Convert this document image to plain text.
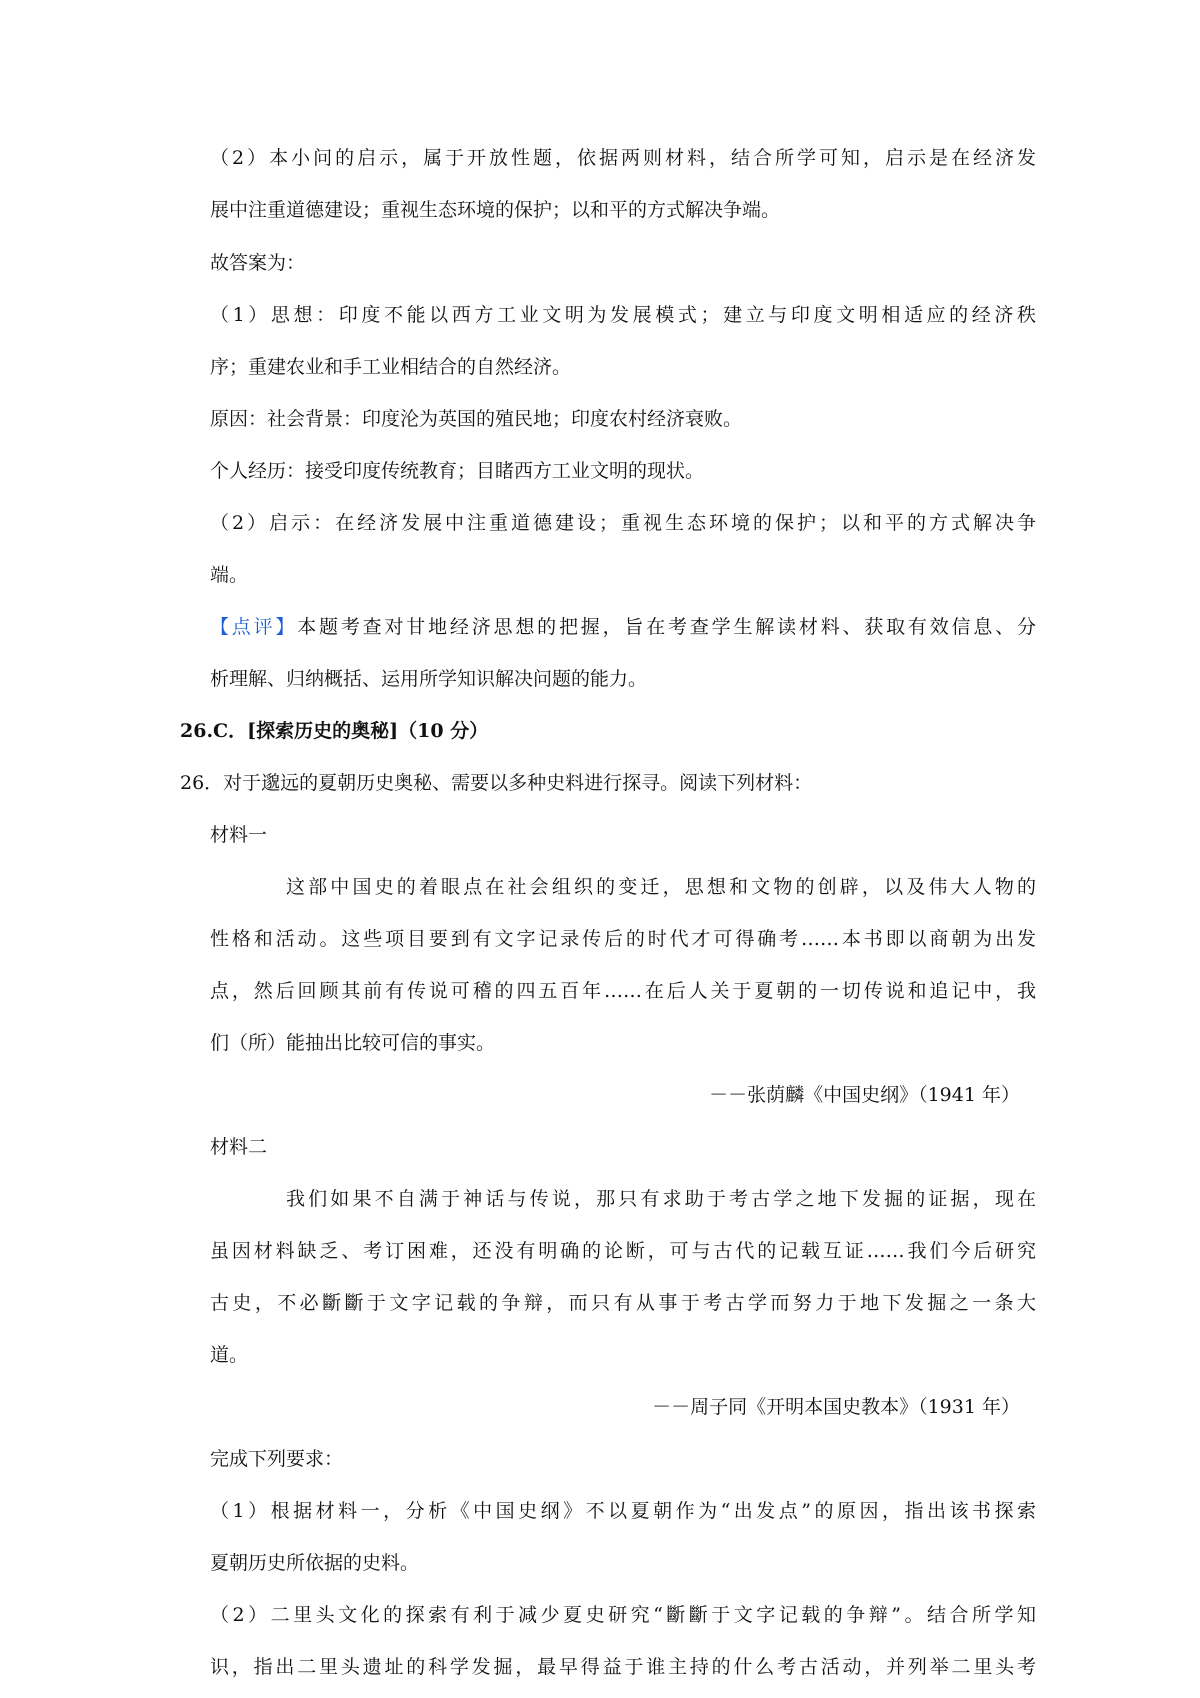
（2）本小问的启示，属于开放性题，依据两则材料，结合所学可知，启示是在经济发
展中注重道德建设；重视生态环境的保护；以和平的方式解决争端。
故答案为：
（1）思想：印度不能以西方工业文明为发展模式；建立与印度文明相适应的经济秩
序；重建农业和手工业相结合的自然经济。
原因：社会背景：印度沦为英国的殖民地；印度农村经济衰败。
个人经历：接受印度传统教育；目睹西方工业文明的现状。
（2）启示：在经济发展中注重道德建设；重视生态环境的保护；以和平的方式解决争
端。
【点评】本题考查对甘地经济思想的把握，旨在考查学生解读材料、获取有效信息、分
析理解、归纳概括、运用所学知识解决问题的能力。
26.C．[探索历史的奥秘]（10 分）
26．对于邈远的夏朝历史奥秘、需要以多种史料进行探寻。阅读下列材料：
材料一
这部中国史的着眼点在社会组织的变迁，思想和文物的创辟，以及伟大人物的
性格和活动。这些项目要到有文字记录传后的时代才可得确考……本书即以商朝为出发
点，然后回顾其前有传说可稽的四五百年……在后人关于夏朝的一切传说和追记中，我
们（所）能抽出比较可信的事实。
－－张荫麟《中国史纲》（1941 年）
材料二
我们如果不自满于神话与传说，那只有求助于考古学之地下发掘的证据，现在
虽因材料缺乏、考订困难，还没有明确的论断，可与古代的记载互证……我们今后研究
古史，不必斷斷于文字记载的争辩，而只有从事于考古学而努力于地下发掘之一条大
道。
－－周子同《开明本国史教本》（1931 年）
完成下列要求：
（1）根据材料一，分析《中国史纲》不以夏朝作为“出发点”的原因，指出该书探索
夏朝历史所依据的史料。
（2）二里头文化的探索有利于减少夏史研究“斷斷于文字记载的争辩”。结合所学知
识，指出二里头遗址的科学发掘，最早得益于谁主持的什么考古活动，并列举二里头考
